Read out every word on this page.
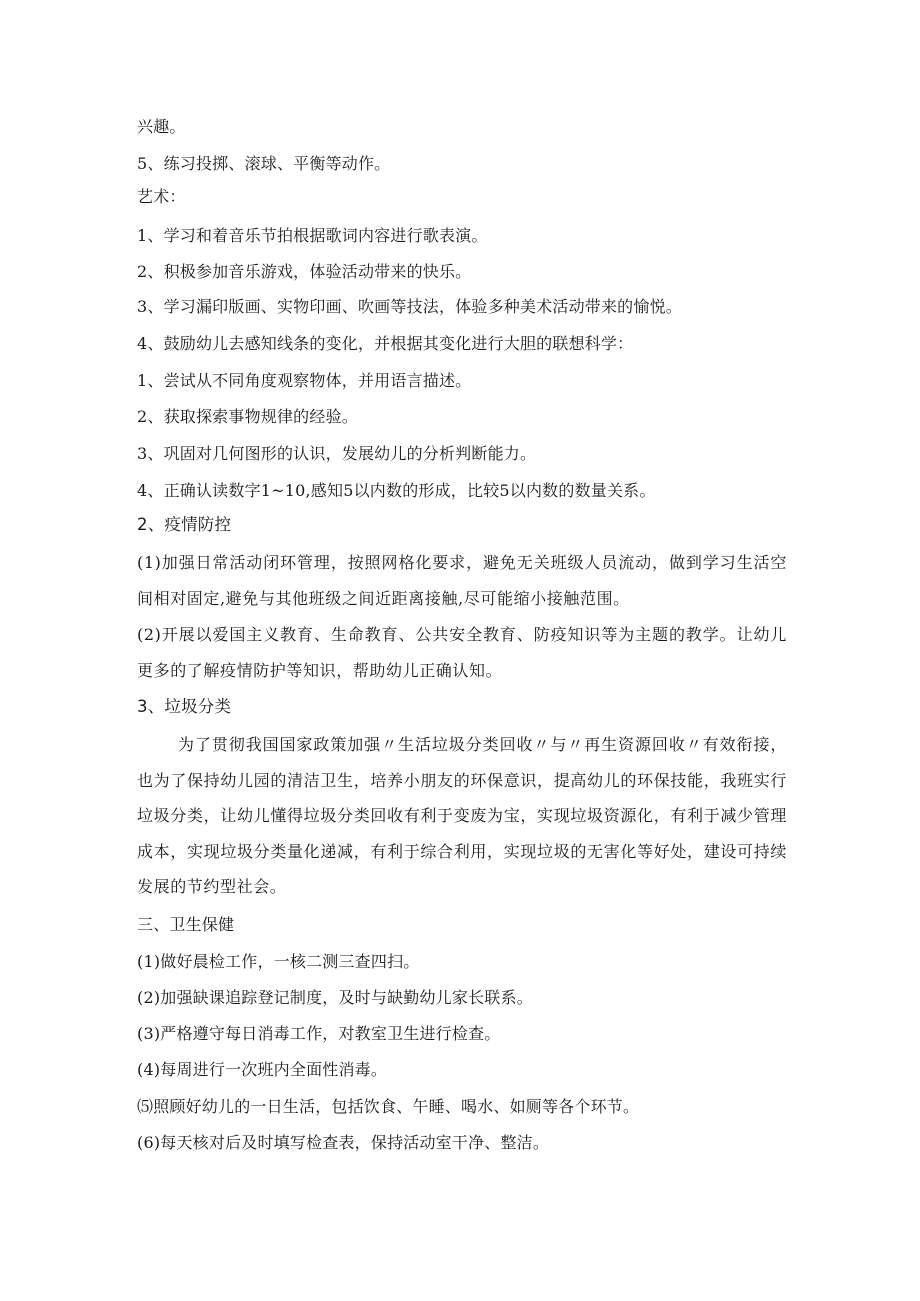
兴趣。
5、练习投掷、滚球、平衡等动作。
艺术：
1、学习和着音乐节拍根据歌词内容进行歌表演。
2、积极参加音乐游戏，体验活动带来的快乐。
3、学习漏印版画、实物印画、吹画等技法，体验多种美术活动带来的愉悦。
4、鼓励幼儿去感知线条的变化，并根据其变化进行大胆的联想科学：
1、尝试从不同角度观察物体，并用语言描述。
2、获取探索事物规律的经验。
3、巩固对几何图形的认识，发展幼儿的分析判断能力。
4、正确认读数字1~10,感知5以内数的形成，比较5以内数的数量关系。
2、疫情防控
(1)加强日常活动闭环管理，按照网格化要求，避免无关班级人员流动，做到学习生活空间相对固定,避免与其他班级之间近距离接触,尽可能缩小接触范围。
(2)开展以爱国主义教育、生命教育、公共安全教育、防疫知识等为主题的教学。让幼儿更多的了解疫情防护等知识，帮助幼儿正确认知。
3、垃圾分类
为了贯彻我国国家政策加强〃生活垃圾分类回收〃与〃再生资源回收〃有效衔接，也为了保持幼儿园的清洁卫生，培养小朋友的环保意识，提高幼儿的环保技能，我班实行垃圾分类，让幼儿懂得垃圾分类回收有利于变废为宝，实现垃圾资源化，有利于减少管理成本，实现垃圾分类量化递减，有利于综合利用，实现垃圾的无害化等好处，建设可持续发展的节约型社会。
三、卫生保健
(1)做好晨检工作，一核二测三查四扫。
(2)加强缺课追踪登记制度，及时与缺勤幼儿家长联系。
(3)严格遵守每日消毒工作，对教室卫生进行检查。
(4)每周进行一次班内全面性消毒。
⑸照顾好幼儿的一日生活，包括饮食、午睡、喝水、如厕等各个环节。
(6)每天核对后及时填写检查表，保持活动室干净、整洁。
